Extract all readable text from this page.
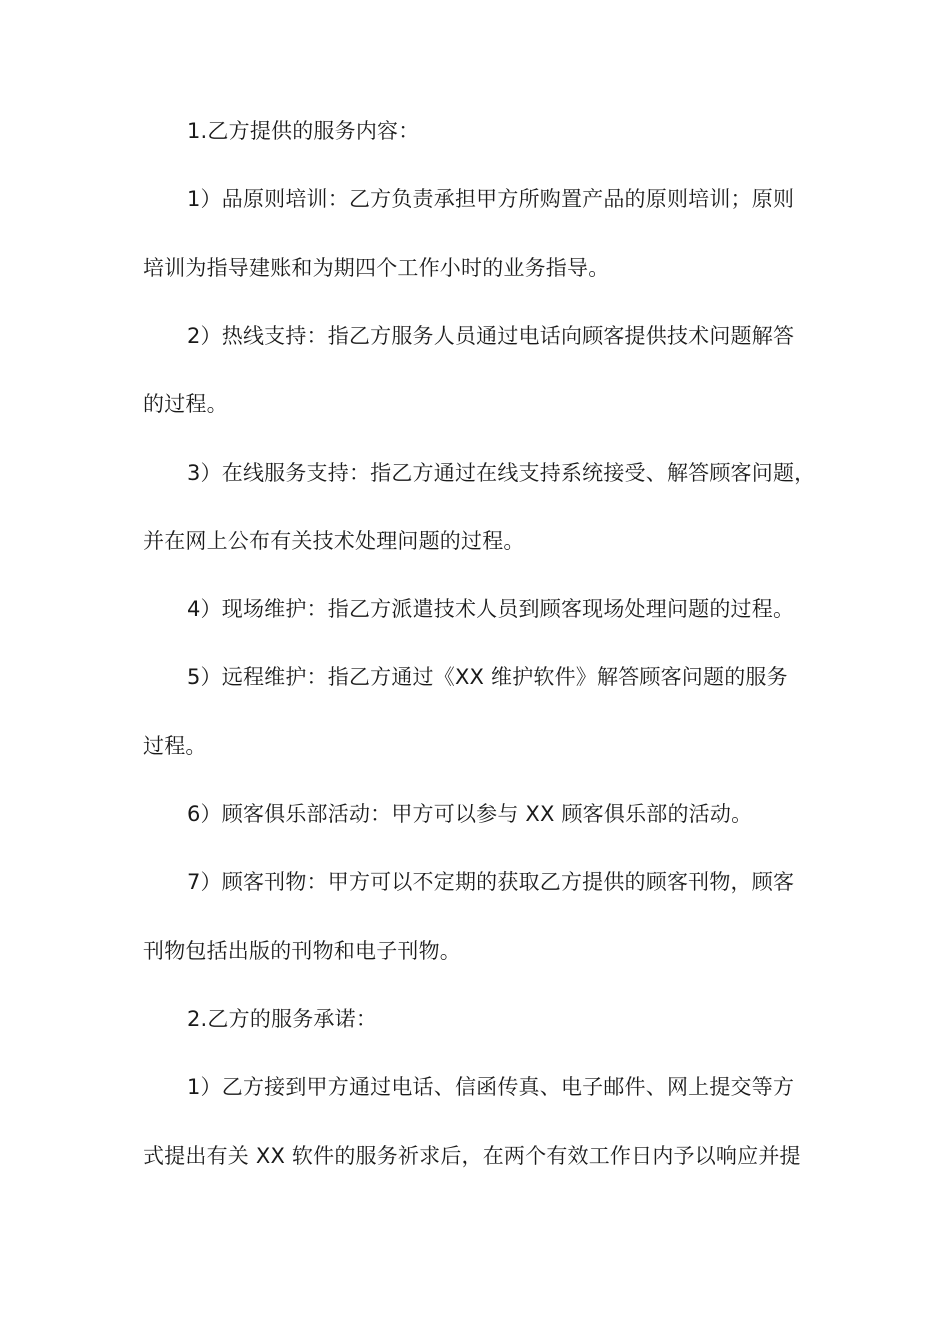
1.乙方提供的服务内容：
1）品原则培训：乙方负责承担甲方所购置产品的原则培训；原则
培训为指导建账和为期四个工作小时的业务指导。
2）热线支持：指乙方服务人员通过电话向顾客提供技术问题解答
的过程。
3）在线服务支持：指乙方通过在线支持系统接受、解答顾客问题，
并在网上公布有关技术处理问题的过程。
4）现场维护：指乙方派遣技术人员到顾客现场处理问题的过程。
5）远程维护：指乙方通过《XX 维护软件》解答顾客问题的服务
过程。
6）顾客俱乐部活动：甲方可以参与 XX 顾客俱乐部的活动。
7）顾客刊物：甲方可以不定期的获取乙方提供的顾客刊物，顾客
刊物包括出版的刊物和电子刊物。
2.乙方的服务承诺：
1）乙方接到甲方通过电话、信函传真、电子邮件、网上提交等方
式提出有关 XX 软件的服务祈求后，在两个有效工作日内予以响应并提
